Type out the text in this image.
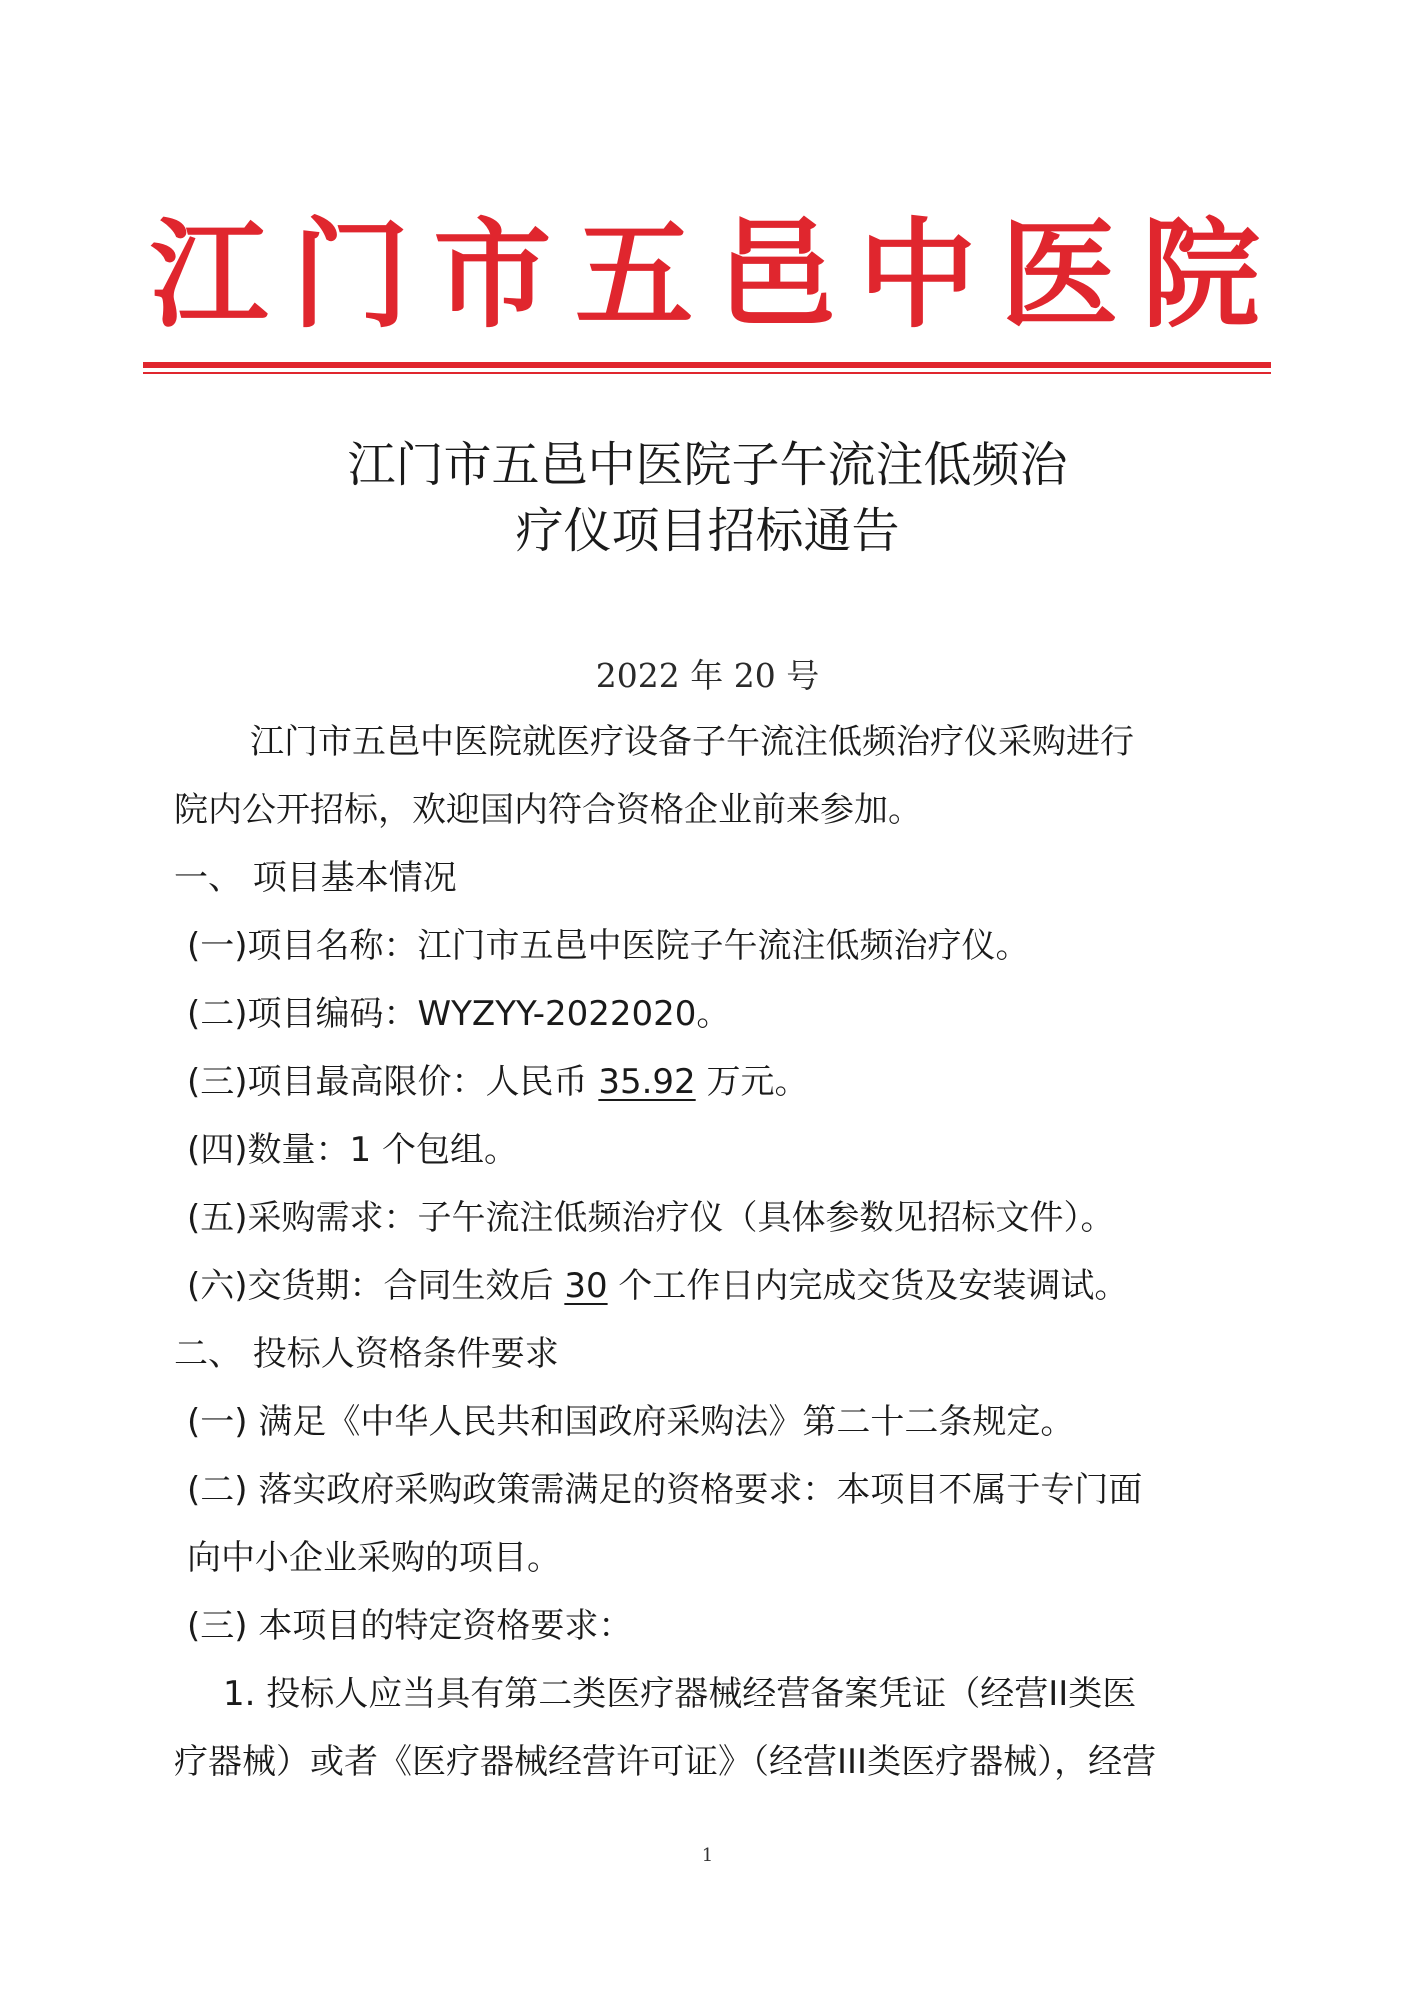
江 门 市 五 邑 中 医 院
江门市五邑中医院子午流注低频治
疗仪项目招标通告
2022 年 20 号
江门市五邑中医院就医疗设备子午流注低频治疗仪采购进行
院内公开招标，欢迎国内符合资格企业前来参加。
一、 项目基本情况
(一)项目名称：江门市五邑中医院子午流注低频治疗仪。
(二)项目编码：WYZYY-2022020。
(三)项目最高限价：人民币 35.92 万元。
(四)数量：1 个包组。
(五)采购需求：子午流注低频治疗仪（具体参数见招标文件）。
(六)交货期：合同生效后 30 个工作日内完成交货及安装调试。
二、 投标人资格条件要求
(一) 满足《中华人民共和国政府采购法》第二十二条规定。
(二) 落实政府采购政策需满足的资格要求：本项目不属于专门面
向中小企业采购的项目。
(三) 本项目的特定资格要求：
1. 投标人应当具有第二类医疗器械经营备案凭证（经营II类医
疗器械）或者《医疗器械经营许可证》（经营III类医疗器械），经营
1
